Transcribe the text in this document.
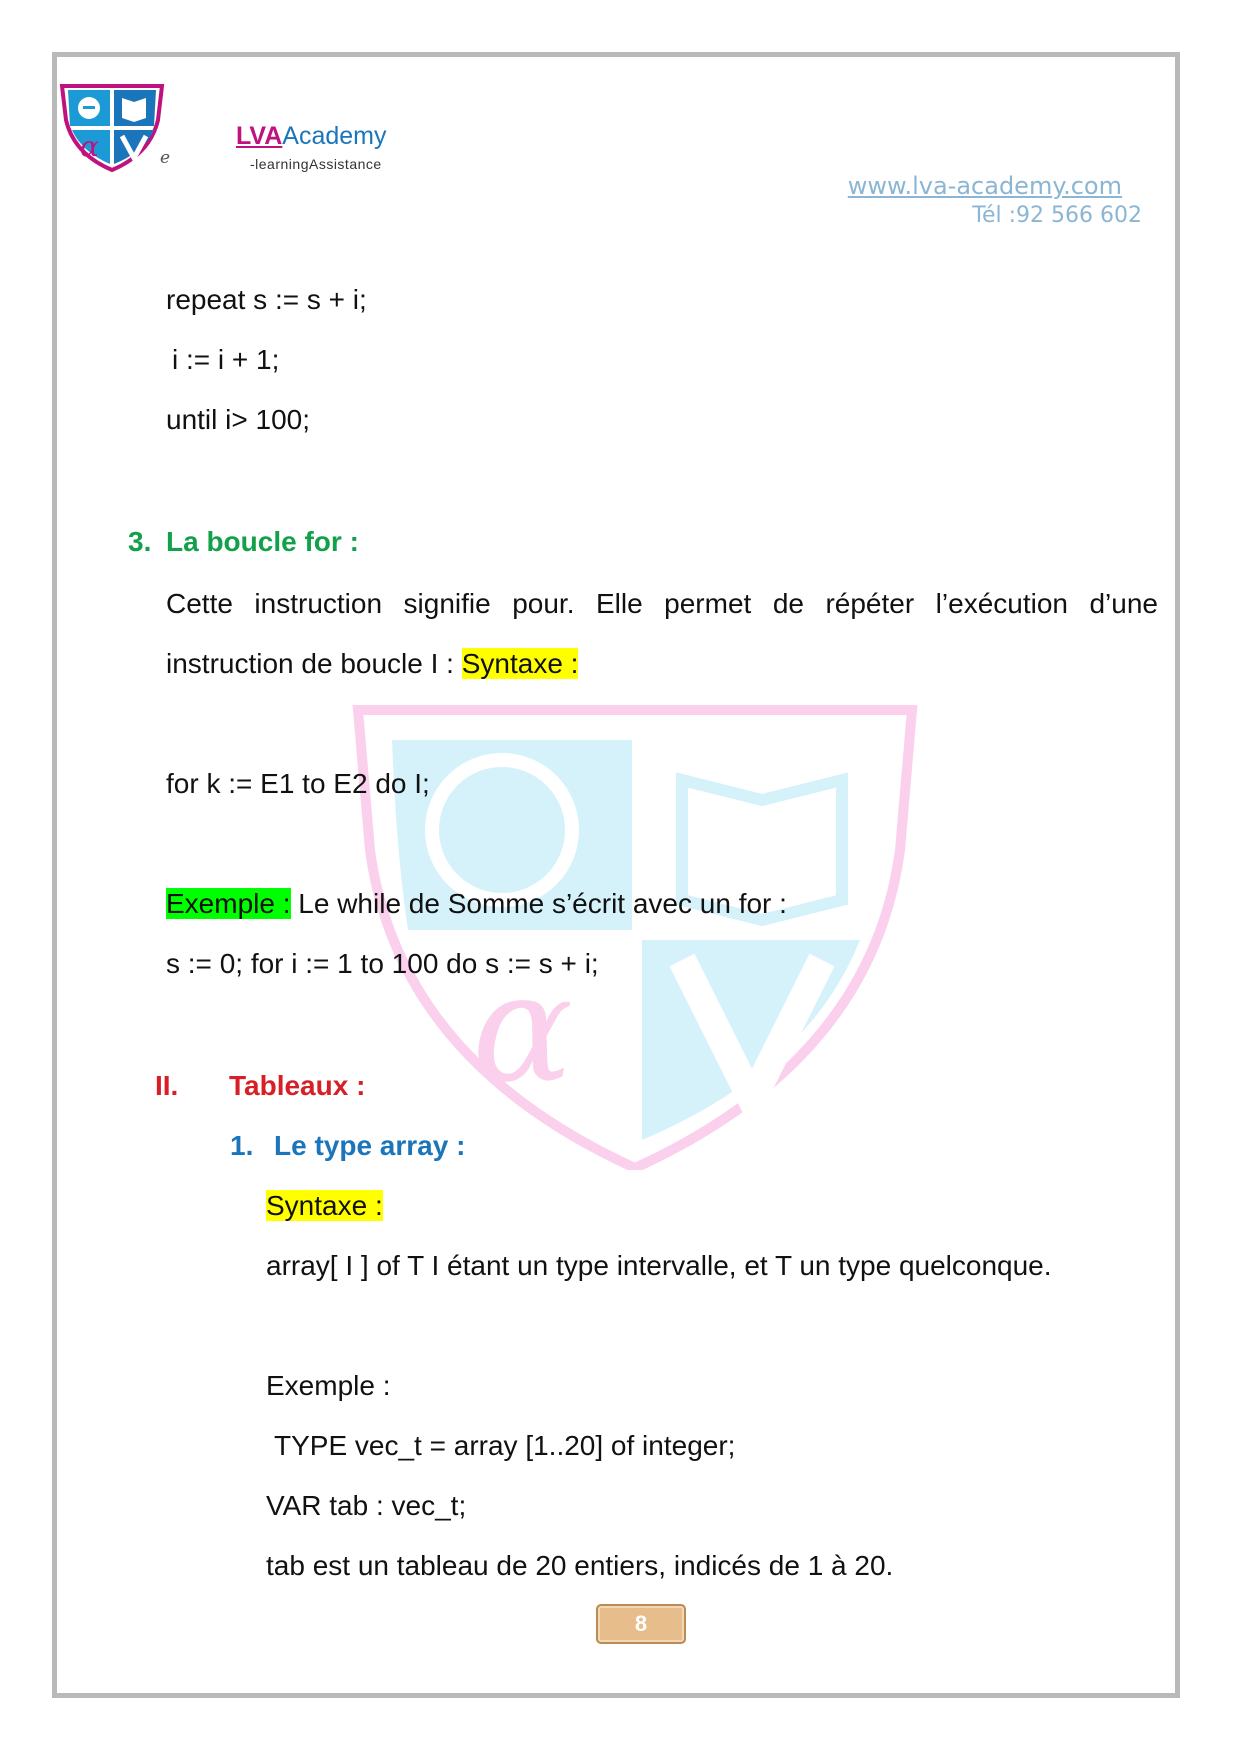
α	e
LVAAcademy
-learningAssistance
www.lva-academy.com
Tél :92 566 602
α
repeat s := s + i;
i := i + 1;
until i> 100;
3. La boucle for :
Cette instruction signifie pour. Elle permet de répéter l’exécution d’une
instruction de boucle I : Syntaxe :
for k := E1 to E2 do I;
Exemple : Le while de Somme s’écrit avec un for :
s := 0; for i := 1 to 100 do s := s + i;
II. Tableaux :
1. Le type array :
Syntaxe :
array[ I ] of T I étant un type intervalle, et T un type quelconque.
Exemple :
TYPE vec_t = array [1..20] of integer;
VAR tab : vec_t;
tab est un tableau de 20 entiers, indicés de 1 à 20.
8
